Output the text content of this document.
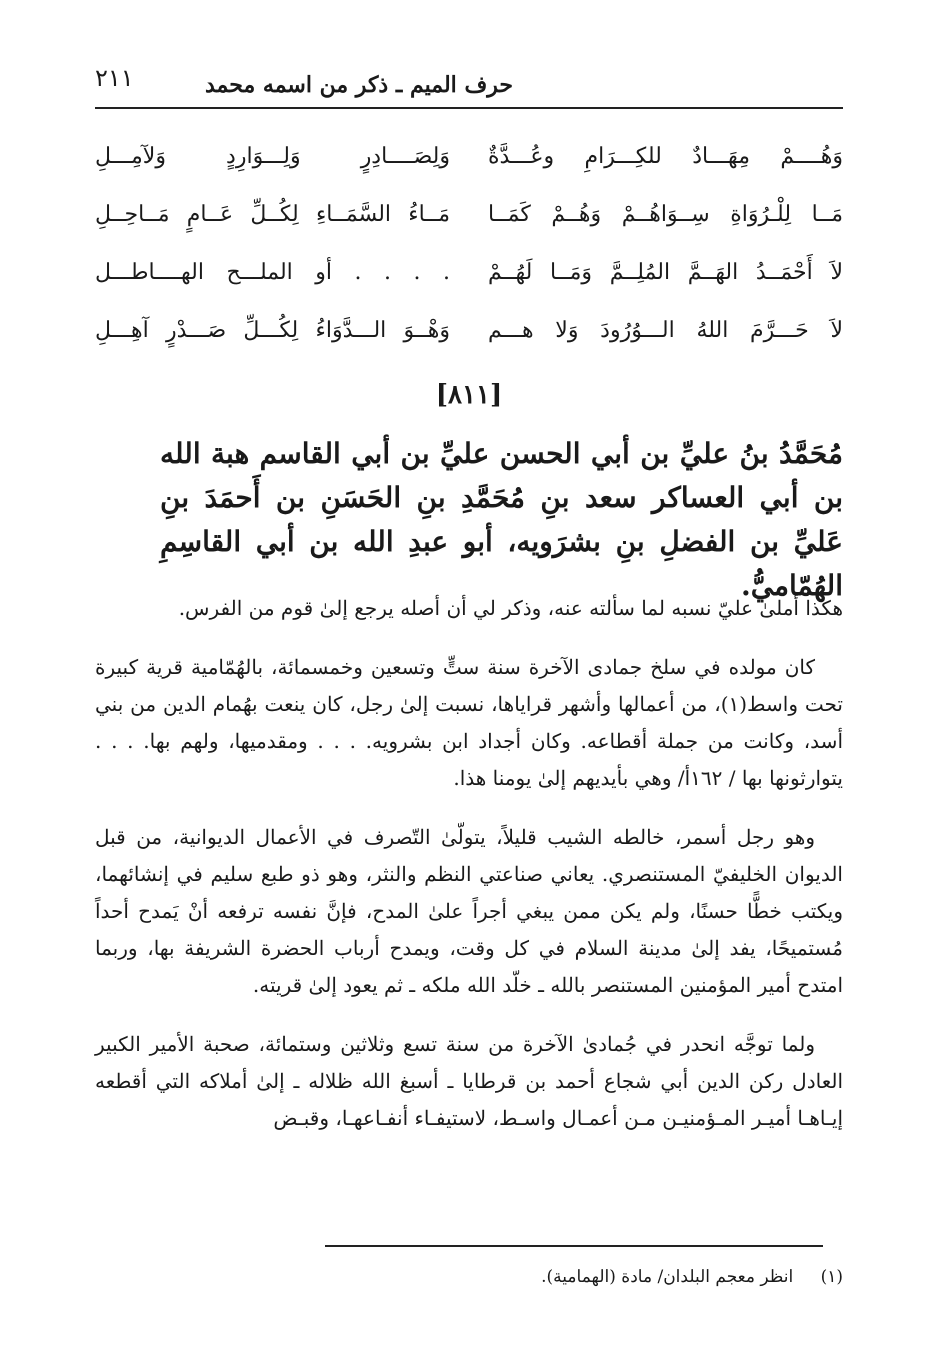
٢١١	حرف الميم ـ ذكر من اسمه محمد
وَهُــــمْ مِهَـــادٌ للكِـــرَامِ وعُـــدَّةٌ
وَلِصَــــادِرٍ وَلِـــوَارِدٍ وَلآمِـــلِ
مَــا لِلْـرُوَاةِ سِــوَاهُــمْ وَهُــمْ كَمَــا
مَــاءُ السَّمَــاءِ لِكُــلِّ عَــامٍ مَــاحِــلِ
لاَ أَحْمَــدُ الهَــمَّ المُلِــمَّ وَمَــا لَهُــمْ
. . . . أو الملـــح الهــــاطـــل
لاَ حَـــرَّمَ اللهُ الـــوُرُودَ وَلا هـــم
وَهْــوَ الـــدَّوَاءُ لِكُـــلِّ صَـــدْرٍ آهِـــلِ
[٨١١]
مُحَمَّدُ بنُ عليِّ بن أبي الحسن عليِّ بن أبي القاسم هبة الله بن أبي العساكر سعد بنِ مُحَمَّدِ بنِ الحَسَنِ بن أَحمَدَ بنِ عَليِّ بن الفضلِ بنِ بشرَويه، أبو عبدِ الله بن أبي القاسِمِ الهُمّاميُّ.

هكذا أملىٰ عليّ نسبه لما سألته عنه، وذكر لي أن أصله يرجع إلىٰ قوم من الفرس.

كان مولده في سلخ جمادى الآخرة سنة ستٍّ وتسعين وخمسمائة، بالهُمّامية قرية كبيرة تحت واسط(١)، من أعمالها وأشهر قراياها، نسبت إلىٰ رجل، كان ينعت بهُمام الدين من بني أسد، وكانت من جملة أقطاعه. وكان أجداد ابن بشرويه. . . . ومقدميها، ولهم بها. . . . يتوارثونها بها / ١٦٢أ/ وهي بأيديهم إلىٰ يومنا هذا.

وهو رجل أسمر، خالطه الشيب قليلاً، يتولّىٰ التّصرف في الأعمال الديوانية، من قبل الديوان الخليفيّ المستنصري. يعاني صناعتي النظم والنثر، وهو ذو طبع سليم في إنشائهما، ويكتب خطًّا حسنًا، ولم يكن ممن يبغي أجراً علىٰ المدح، فإنَّ نفسه ترفعه أنْ يَمدح أحداً مُستميحًا، يفد إلىٰ مدينة السلام في كل وقت، ويمدح أرباب الحضرة الشريفة بها، وربما امتدح أمير المؤمنين المستنصر بالله ـ خلّد الله ملكه ـ ثم يعود إلىٰ قريته.

ولما توجَّه انحدر في جُمادىٰ الآخرة من سنة تسع وثلاثين وستمائة، صحبة الأمير الكبير العادل ركن الدين أبي شجاع أحمد بن قرطايا ـ أسبغ الله ظلاله ـ إلىٰ أملاكه التي أقطعه إيـاهـا أميـر المـؤمنيـن مـن أعمـال واسـط، لاستيفـاء أنفـاعهـا، وقبـض

(١) انظر معجم البلدان/ مادة (الهمامية).
